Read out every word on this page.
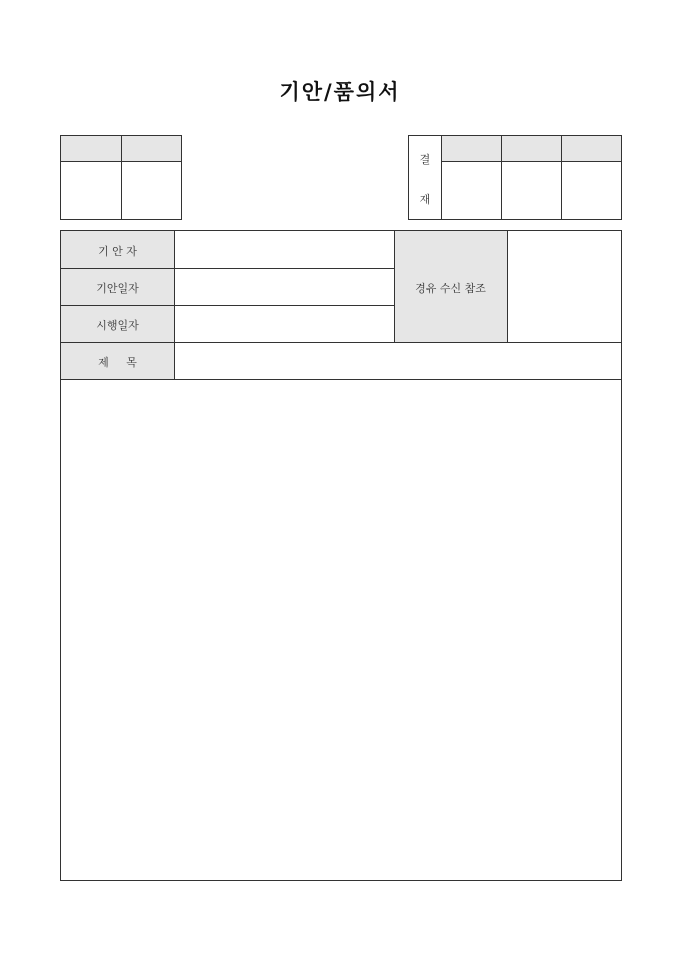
기안/품의서
결
재
기 안 자
기안일자
시행일자
제     목
경유 수신 참조
